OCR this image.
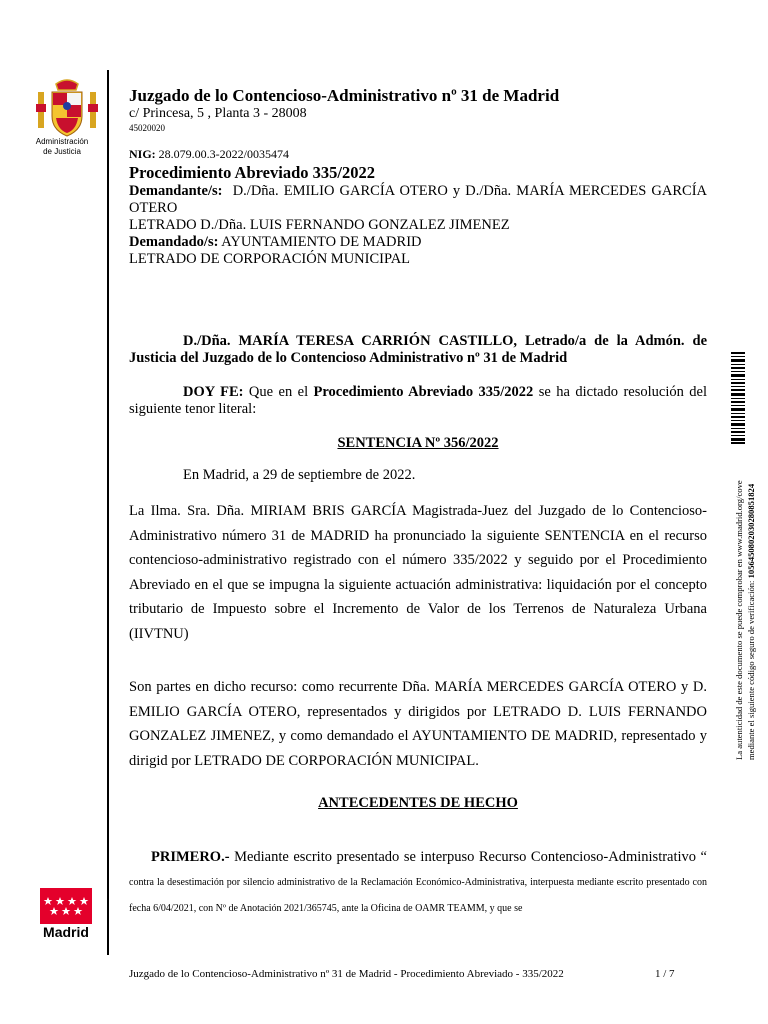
Administración
de Justicia
Madrid
Juzgado de lo Contencioso-Administrativo nº 31 de Madrid
c/ Princesa, 5 , Planta 3 - 28008
45020020
NIG: 28.079.00.3-2022/0035474
Procedimiento Abreviado 335/2022
Demandante/s: D./Dña. EMILIO GARCÍA OTERO y D./Dña. MARÍA MERCEDES GARCÍA OTERO
LETRADO D./Dña. LUIS FERNANDO GONZALEZ JIMENEZ
Demandado/s: AYUNTAMIENTO DE MADRID
LETRADO DE CORPORACIÓN MUNICIPAL
D./Dña. MARÍA TERESA CARRIÓN CASTILLO, Letrado/a de la Admón. de Justicia del Juzgado de lo Contencioso Administrativo nº 31 de Madrid
DOY FE: Que en el Procedimiento Abreviado 335/2022 se ha dictado resolución del siguiente tenor literal:
SENTENCIA Nº 356/2022
En Madrid, a 29 de septiembre de 2022.
La Ilma. Sra. Dña. MIRIAM BRIS GARCÍA Magistrada-Juez del Juzgado de lo Contencioso-Administrativo número 31 de MADRID ha pronunciado la siguiente SENTENCIA en el recurso contencioso-administrativo registrado con el número 335/2022 y seguido por el Procedimiento Abreviado en el que se impugna la siguiente actuación administrativa: liquidación por el concepto tributario de Impuesto sobre el Incremento de Valor de los Terrenos de Naturaleza Urbana (IIVTNU)
Son partes en dicho recurso: como recurrente Dña. MARÍA MERCEDES GARCÍA OTERO y D. EMILIO GARCÍA OTERO, representados y dirigidos por LETRADO D. LUIS FERNANDO GONZALEZ JIMENEZ, y como demandado el AYUNTAMIENTO DE MADRID, representado y dirigid por LETRADO DE CORPORACIÓN MUNICIPAL.
ANTECEDENTES DE HECHO
PRIMERO.- Mediante escrito presentado se interpuso Recurso Contencioso-Administrativo “ contra la desestimación por silencio administrativo de la Reclamación Económico-Administrativa, interpuesta mediante escrito presentado con fecha 6/04/2021, con Nº de Anotación 2021/365745, ante la Oficina de OAMR TEAMM, y que se
La autenticidad de este documento se puede comprobar en www.madrid.org/cove mediante el siguiente código seguro de verificación: 1056450802030280851824
Juzgado de lo Contencioso-Administrativo nº 31 de Madrid - Procedimiento Abreviado - 335/2022	1 / 7
